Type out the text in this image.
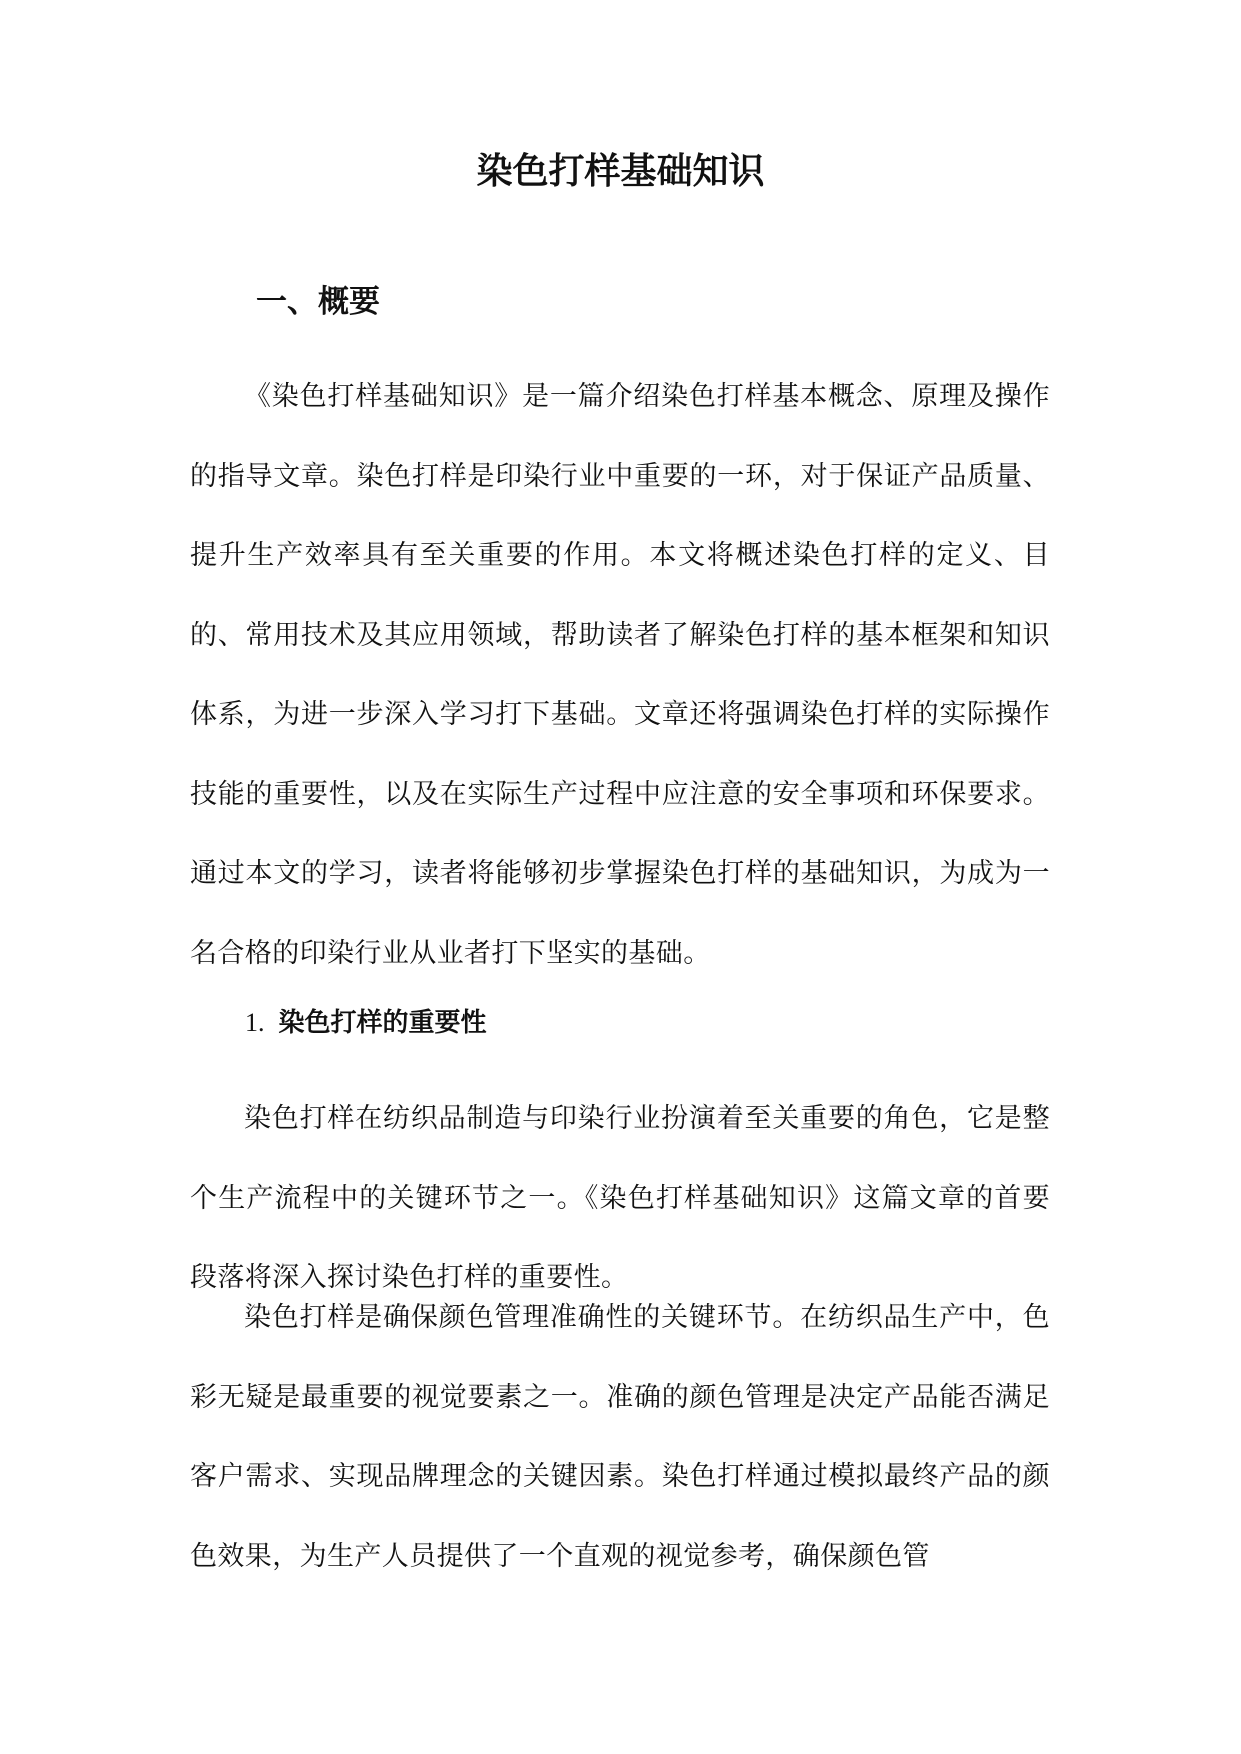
染色打样基础知识
一、概要

《染色打样基础知识》是一篇介绍染色打样基本概念、原理及操作的指导文章。染色打样是印染行业中重要的一环，对于保证产品质量、提升生产效率具有至关重要的作用。本文将概述染色打样的定义、目的、常用技术及其应用领域，帮助读者了解染色打样的基本框架和知识体系，为进一步深入学习打下基础。文章还将强调染色打样的实际操作技能的重要性，以及在实际生产过程中应注意的安全事项和环保要求。通过本文的学习，读者将能够初步掌握染色打样的基础知识，为成为一名合格的印染行业从业者打下坚实的基础。

1. 染色打样的重要性

染色打样在纺织品制造与印染行业扮演着至关重要的角色，它是整个生产流程中的关键环节之一。《染色打样基础知识》这篇文章的首要段落将深入探讨染色打样的重要性。

染色打样是确保颜色管理准确性的关键环节。在纺织品生产中，色彩无疑是最重要的视觉要素之一。准确的颜色管理是决定产品能否满足客户需求、实现品牌理念的关键因素。染色打样通过模拟最终产品的颜色效果，为生产人员提供了一个直观的视觉参考，确保颜色管
